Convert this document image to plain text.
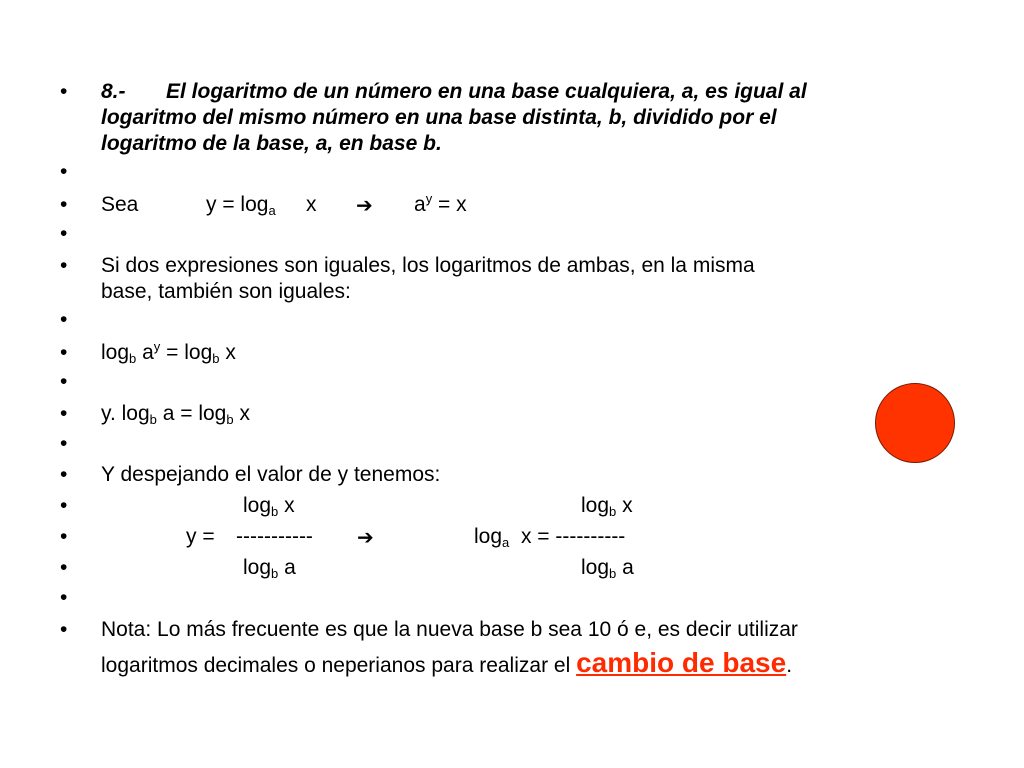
• 8.- El logaritmo de un número en una base cualquiera, a, es igual al
logaritmo del mismo número en una base distinta, b, dividido por el
logaritmo de la base, a, en base b.
•
• Sea	$y = \log_a x$ ➔ $a^y = x$
•
• Si dos expresiones son iguales, los logaritmos de ambas, en la misma
base, también son iguales:
•
• $\log_b a^y = \log_b x$
•
• y. $\log_b a = \log_b x$
•
• Y despejando el valor de y tenemos:
•	$\log_b x$	$\log_b x$
•	y = ----------- ➔	$\log_a x$ = ----------
•	$\log_b a$	$\log_b a$
•
• Nota: Lo más frecuente es que la nueva base b sea 10 ó e, es decir utilizar
logaritmos decimales o neperianos para realizar el cambio de base.
